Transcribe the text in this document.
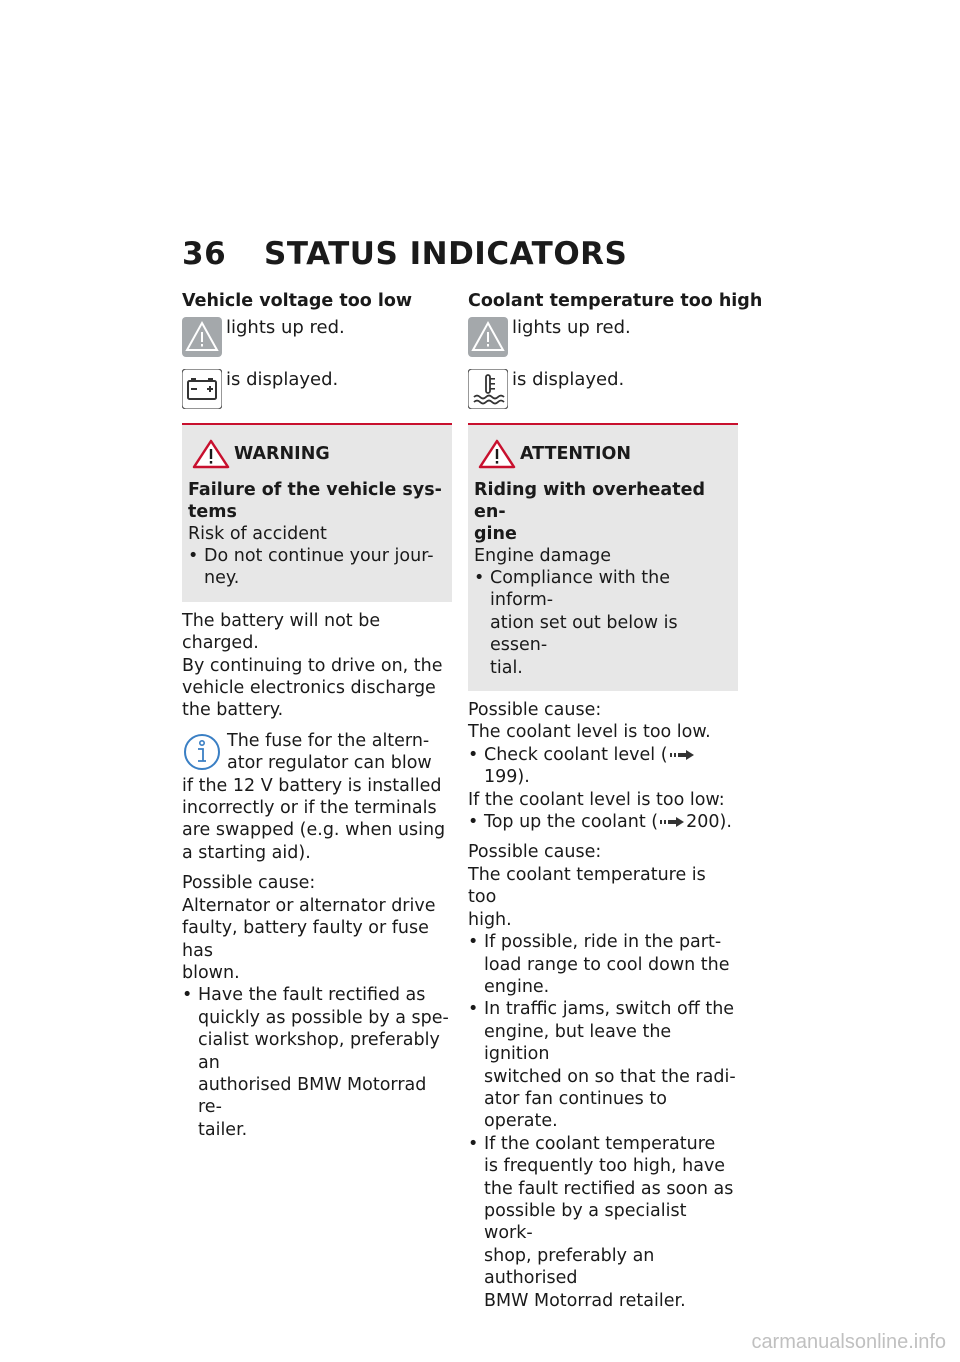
36 STATUS INDICATORS

Vehicle voltage too low

lights up red.
is displayed.
WARNING
Failure of the vehicle sys-
tems
Risk of accident
• Do not continue your jour-
ney.

The battery will not be charged.

By continuing to drive on, the

vehicle electronics discharge

the battery.

The fuse for the altern-
ator regulator can blow
if the 12 V battery is installed
incorrectly or if the terminals
are swapped (e.g. when using
a starting aid).

Possible cause:

Alternator or alternator drive

faulty, battery faulty or fuse has

blown.

• Have the fault rectified as
quickly as possible by a spe-
cialist workshop, preferably an
authorised BMW Motorrad re-
tailer.

Coolant temperature too high

lights up red.
is displayed.
ATTENTION
Riding with overheated en-
gine
Engine damage
• Compliance with the inform-
ation set out below is essen-
tial.

Possible cause:

The coolant level is too low.

• Check coolant level (199).

If the coolant level is too low:

• Top up the coolant ( 200).

Possible cause:

The coolant temperature is too

high.

• If possible, ride in the part-
load range to cool down the
engine.
• In traffic jams, switch off the
engine, but leave the ignition
switched on so that the radi-
ator fan continues to operate.
• If the coolant temperature
is frequently too high, have
the fault rectified as soon as
possible by a specialist work-
shop, preferably an authorised
BMW Motorrad retailer.
carmanualsonline.info
